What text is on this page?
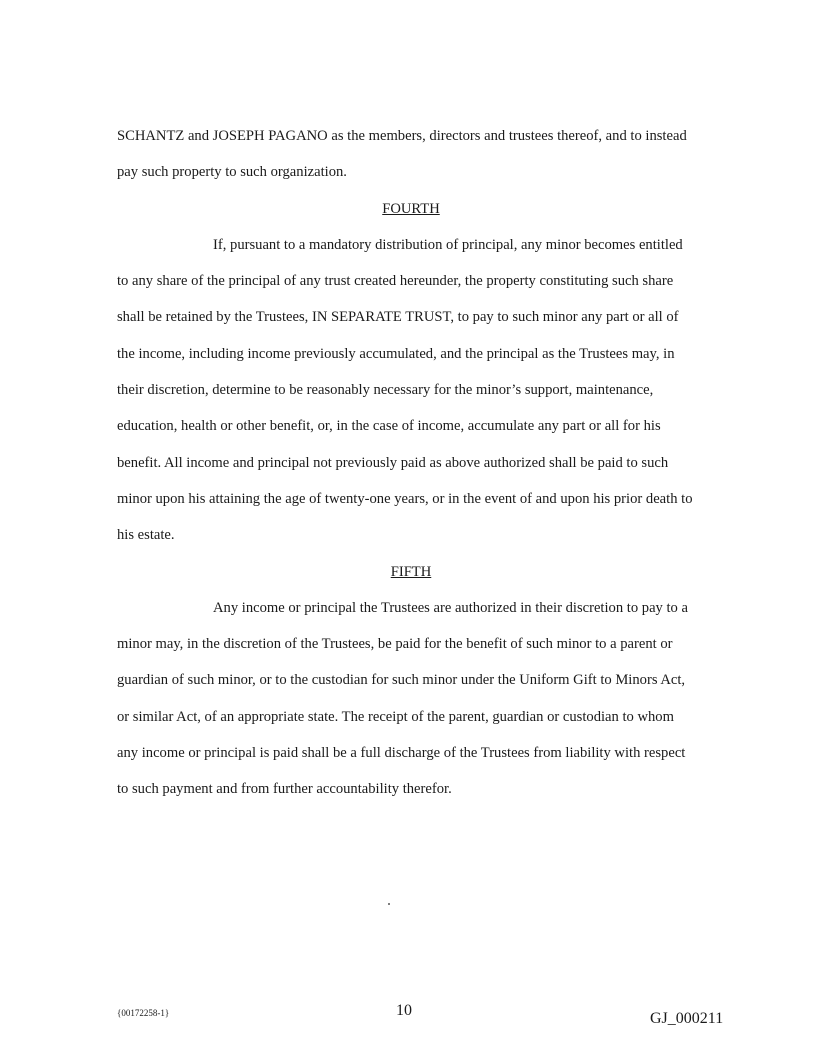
SCHANTZ and JOSEPH PAGANO as the members, directors and trustees thereof, and to instead pay such property to such organization.

FOURTH

If, pursuant to a mandatory distribution of principal, any minor becomes entitled to any share of the principal of any trust created hereunder, the property constituting such share shall be retained by the Trustees, IN SEPARATE TRUST, to pay to such minor any part or all of the income, including income previously accumulated, and the principal as the Trustees may, in their discretion, determine to be reasonably necessary for the minor’s support, maintenance, education, health or other benefit, or, in the case of income, accumulate any part or all for his benefit. All income and principal not previously paid as above authorized shall be paid to such minor upon his attaining the age of twenty-one years, or in the event of and upon his prior death to his estate.

FIFTH

Any income or principal the Trustees are authorized in their discretion to pay to a minor may, in the discretion of the Trustees, be paid for the benefit of such minor to a parent or guardian of such minor, or to the custodian for such minor under the Uniform Gift to Minors Act, or similar Act, of an appropriate state. The receipt of the parent, guardian or custodian to whom any income or principal is paid shall be a full discharge of the Trustees from liability with respect to such payment and from further accountability therefor.

{00172258-1}	10	GJ_000211
